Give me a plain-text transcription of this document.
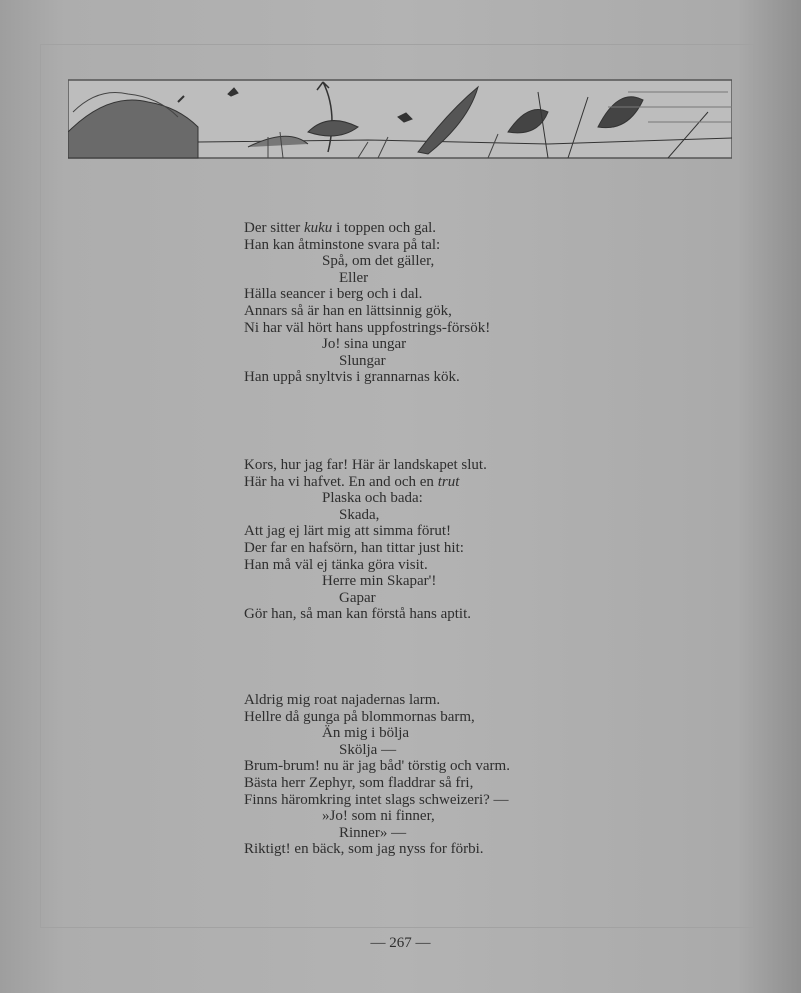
Der sitter kuku i toppen och gal.
Han kan åtminstone svara på tal:
Spå, om det gäller,
Eller
Hälla seancer i berg och i dal.
Annars så är han en lättsinnig gök,
Ni har väl hört hans uppfostrings-försök!
Jo! sina ungar
Slungar
Han uppå snyltvis i grannarnas kök.
Kors, hur jag far! Här är landskapet slut.
Här ha vi hafvet. En and och en trut
Plaska och bada:
Skada,
Att jag ej lärt mig att simma förut!
Der far en hafsörn, han tittar just hit:
Han må väl ej tänka göra visit.
Herre min Skapar'!
Gapar
Gör han, så man kan förstå hans aptit.
Aldrig mig roat najadernas larm.
Hellre då gunga på blommornas barm,
Än mig i bölja
Skölja —
Brum-brum! nu är jag båd' törstig och varm.
Bästa herr Zephyr, som fladdrar så fri,
Finns häromkring intet slags schweizeri? —
»Jo! som ni finner,
Rinner» —
Riktigt! en bäck, som jag nyss for förbi.
— 267 —
